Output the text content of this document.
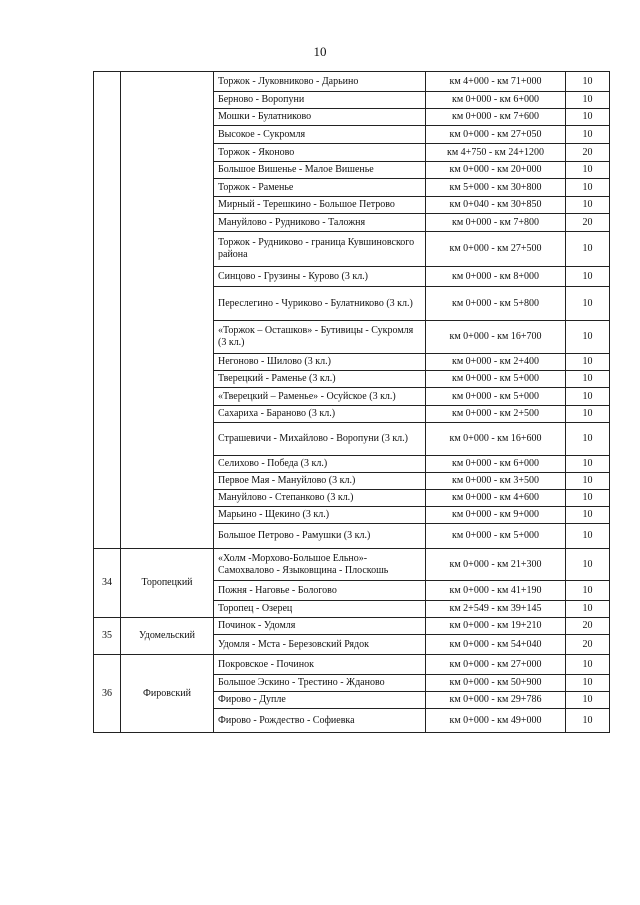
10
		Торжок - Луковниково - Дарьино	км 4+000 - км 71+000	10
		Берново - Воропуни	км 0+000 - км 6+000	10
		Мошки - Булатниково	км 0+000 - км 7+600	10
		Высокое - Сукромля	км 0+000 - км 27+050	10
		Торжок - Яконово	км 4+750 - км 24+1200	20
		Большое Вишенье - Малое Вишенье	км 0+000 - км 20+000	10
		Торжок - Раменье	км 5+000 - км 30+800	10
		Мирный - Терешкино - Большое Петрово	км 0+040 - км 30+850	10
		Мануйлово - Рудниково - Таложня	км 0+000 - км 7+800	20
		Торжок - Рудниково - граница Кувшиновского района	км 0+000 - км 27+500	10
		Синцово - Грузины - Курово (3 кл.)	км 0+000 - км 8+000	10
		Переслегино - Чуриково - Булатниково (3 кл.)	км 0+000 - км 5+800	10
		«Торжок – Осташков» - Бутивицы - Сукромля (3 кл.)	км 0+000 - км 16+700	10
		Негоново - Шилово (3 кл.)	км 0+000 - км 2+400	10
		Тверецкий - Раменье (3 кл.)	км 0+000 - км 5+000	10
		«Тверецкий – Раменье» - Осуйское (3 кл.)	км 0+000 - км 5+000	10
		Сахариха - Бараново (3 кл.)	км 0+000 - км 2+500	10
		Страшевичи - Михайлово - Воропуни (3 кл.)	км 0+000 - км 16+600	10
		Селихово - Победа (3 кл.)	км 0+000 - км 6+000	10
		Первое Мая - Мануйлово (3 кл.)	км 0+000 - км 3+500	10
		Мануйлово - Степанково (3 кл.)	км 0+000 - км 4+600	10
		Марьино - Щекино (3 кл.)	км 0+000 - км 9+000	10
		Большое Петрово - Рамушки (3 кл.)	км 0+000 - км 5+000	10
34	Торопецкий	«Холм -Морхово-Большое Ельно»-Самохвалово - Языковщина - Плоскошь	км 0+000 - км 21+300	10
		Пожня - Наговье - Бологово	км 0+000 - км 41+190	10
		Торопец - Озерец	км 2+549 - км 39+145	10
35	Удомельский	Починок - Удомля	км 0+000 - км 19+210	20
		Удомля - Мста - Березовский Рядок	км 0+000 - км 54+040	20
36	Фировский	Покровское - Починок	км 0+000 - км 27+000	10
		Большое Эскино - Трестино - Жданово	км 0+000 - км 50+900	10
		Фирово - Дупле	км 0+000 - км 29+786	10
		Фирово - Рождество - Софиевка	км 0+000 - км 49+000	10
